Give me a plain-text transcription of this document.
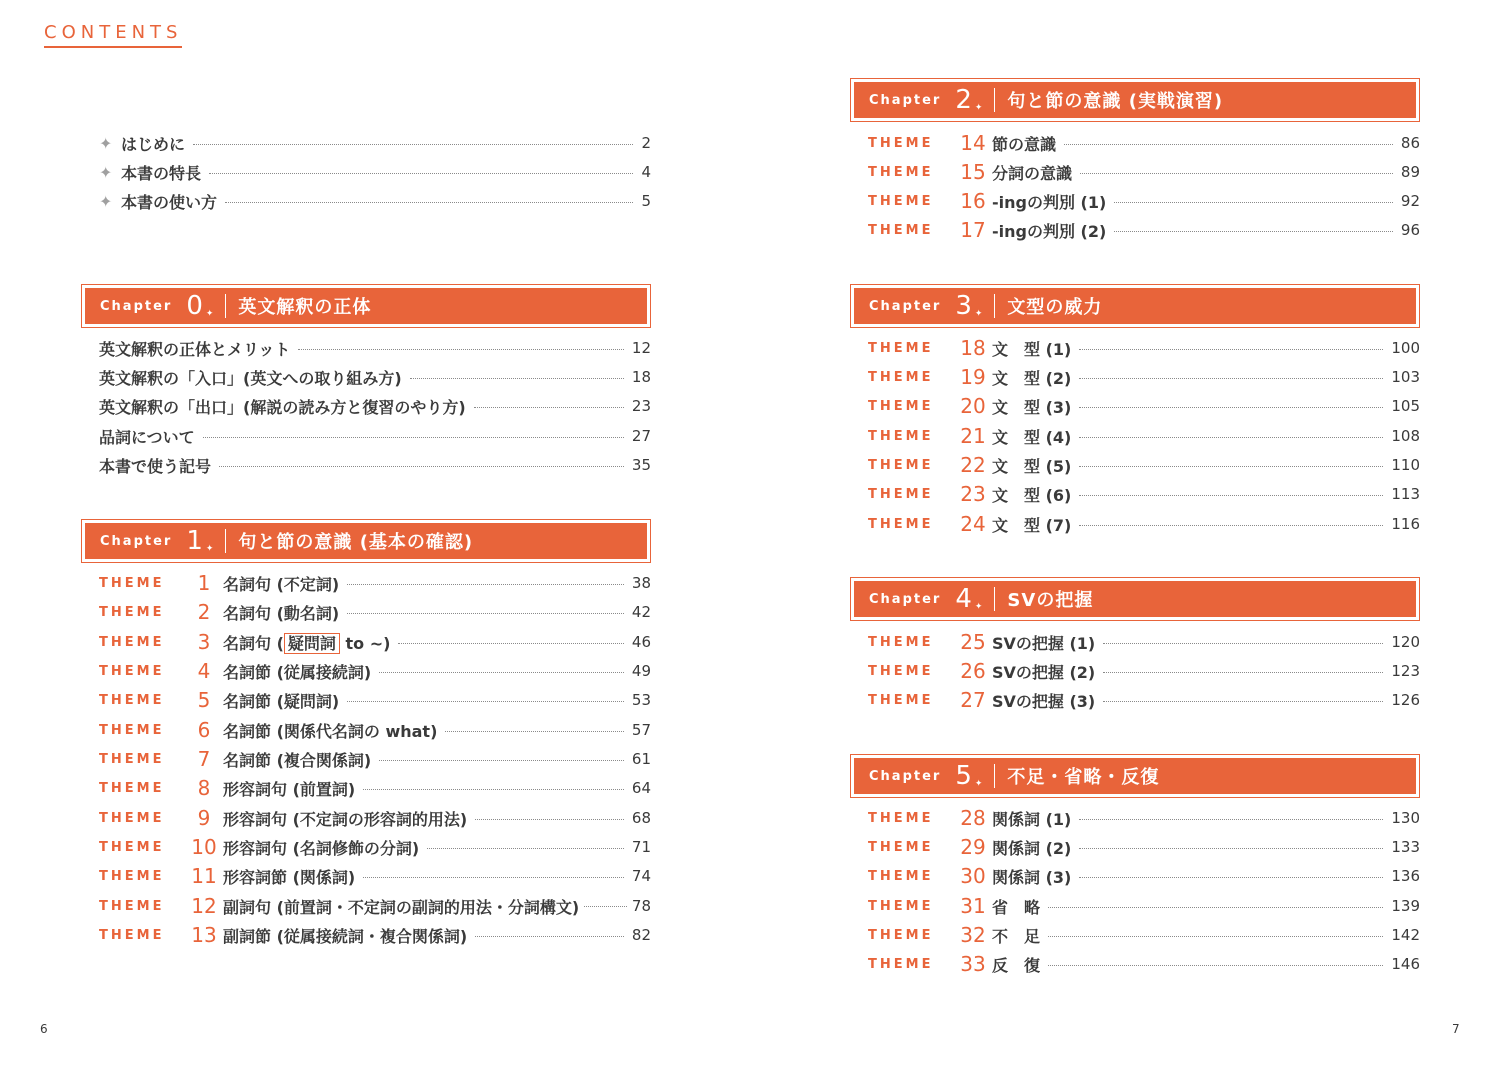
CONTENTS
✦ はじめに	2
✦ 本書の特長	4
✦ 本書の使い方	5
Chapter 0 ✦ 英文解釈の正体
英文解釈の正体とメリット	12
英文解釈の「入口」(英文への取り組み方)	18
英文解釈の「出口」(解説の読み方と復習のやり方)	23
品詞について	27
本書で使う記号	35
Chapter 1 ✦ 句と節の意識 (基本の確認)
THEME	1 名詞句 (不定詞)	38
THEME	2 名詞句 (動名詞)	42
THEME	3 名詞句 ( 疑問詞 to ~)	46
THEME	4 名詞節 (従属接続詞)	49
THEME	5 名詞節 (疑問詞)	53
THEME	6 名詞節 (関係代名詞の what)	57
THEME	7 名詞節 (複合関係詞)	61
THEME	8 形容詞句 (前置詞)	64
THEME	9 形容詞句 (不定詞の形容詞的用法)	68
THEME	10 形容詞句 (名詞修飾の分詞)	71
THEME	11 形容詞節 (関係詞)	74
THEME	12 副詞句 (前置詞・不定詞の副詞的用法・分詞構文)	78
THEME	13 副詞節 (従属接続詞・複合関係詞)	82
Chapter 2 ✦ 句と節の意識 (実戦演習)
THEME	14 節の意識	86
THEME	15 分詞の意識	89
THEME	16 -ingの判別 (1)	92
THEME	17 -ingの判別 (2)	96
Chapter 3 ✦ 文型の威力
THEME	18 文　型 (1)	100
THEME	19 文　型 (2)	103
THEME	20 文　型 (3)	105
THEME	21 文　型 (4)	108
THEME	22 文　型 (5)	110
THEME	23 文　型 (6)	113
THEME	24 文　型 (7)	116
Chapter 4 ✦ SVの把握
THEME	25 SVの把握 (1)	120
THEME	26 SVの把握 (2)	123
THEME	27 SVの把握 (3)	126
Chapter 5 ✦ 不足・省略・反復
THEME	28 関係詞 (1)	130
THEME	29 関係詞 (2)	133
THEME	30 関係詞 (3)	136
THEME	31 省　略	139
THEME	32 不　足	142
THEME	33 反　復	146
6	7
